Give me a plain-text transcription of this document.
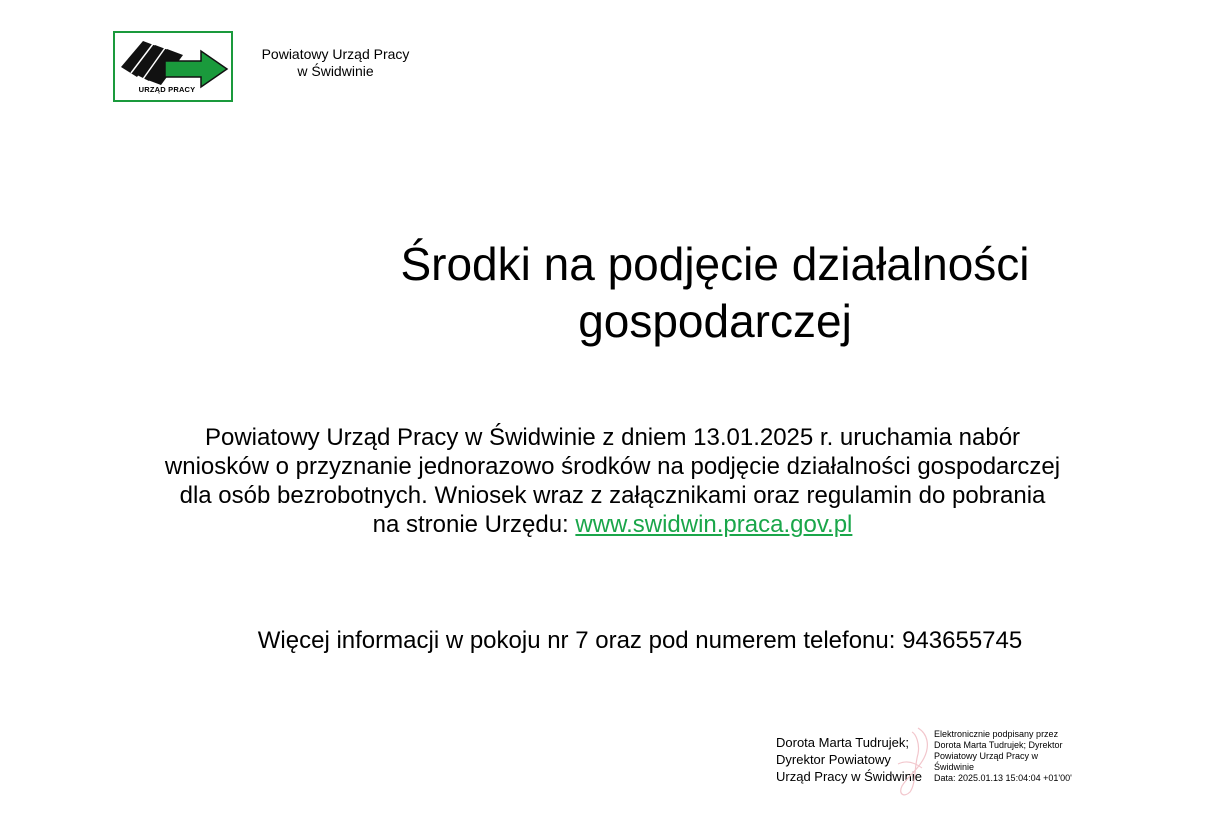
URZĄD PRACY
Powiatowy Urząd Pracy
w Świdwinie
Środki na podjęcie działalności
gospodarczej

Powiatowy Urząd Pracy w Świdwinie z dniem 13.01.2025 r. uruchamia nabór
wniosków o przyznanie jednorazowo środków na podjęcie działalności gospodarczej
dla osób bezrobotnych. Wniosek wraz z załącznikami oraz regulamin do pobrania
na stronie Urzędu: www.swidwin.praca.gov.pl

Więcej informacji w pokoju nr 7 oraz pod numerem telefonu: 943655745

Dorota Marta Tudrujek;
Dyrektor Powiatowy
Urząd Pracy w Świdwinie
Elektronicznie podpisany przez
Dorota Marta Tudrujek; Dyrektor
Powiatowy Urząd Pracy w
Świdwinie
Data: 2025.01.13 15:04:04 +01'00'
